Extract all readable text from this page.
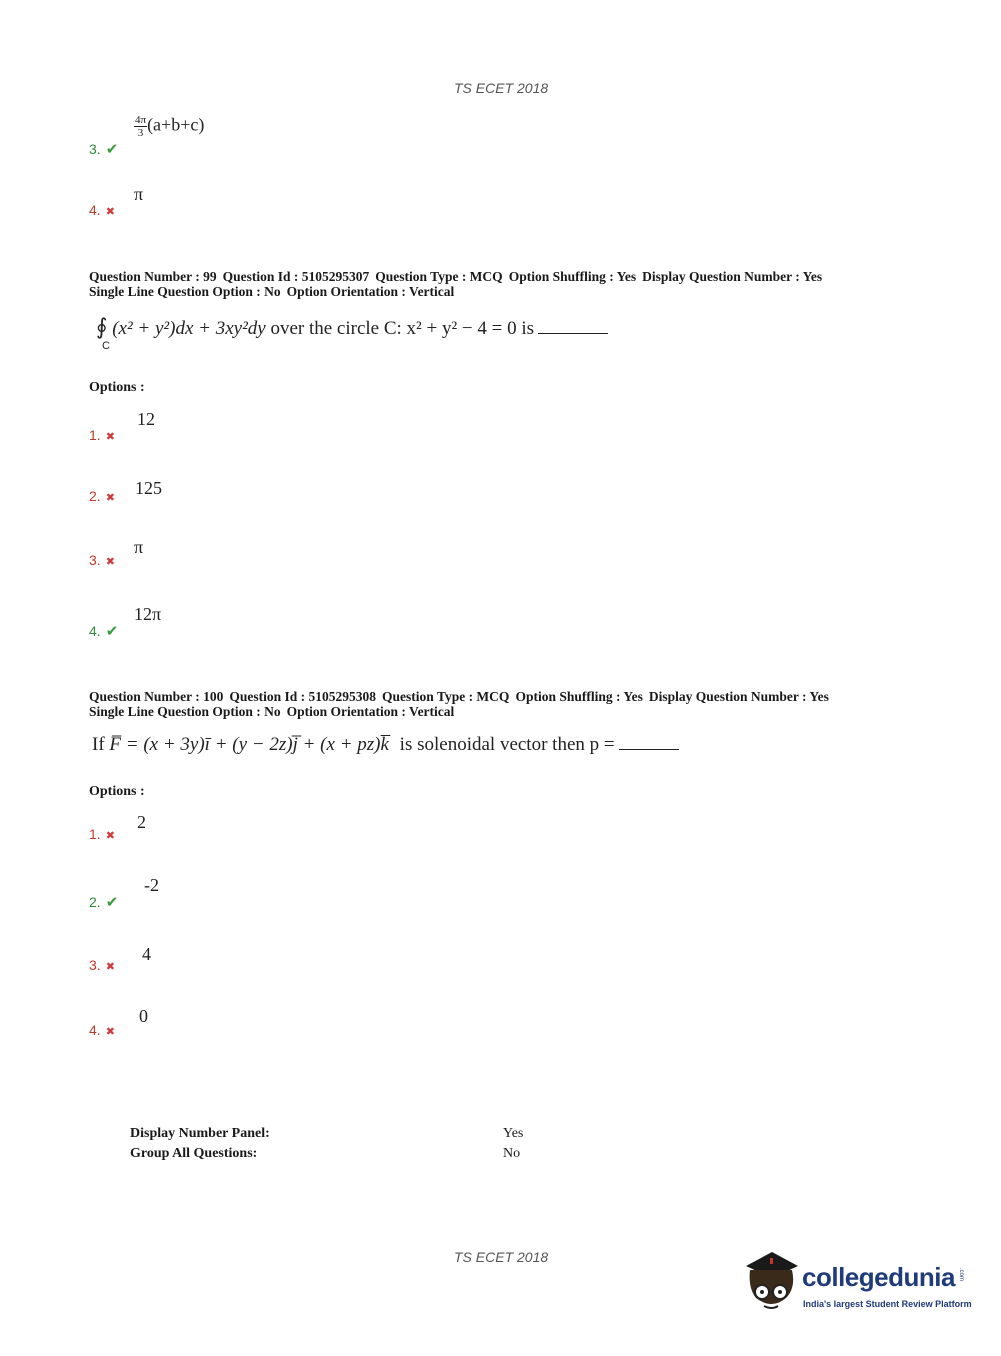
TS ECET 2018
3. ✔
$\frac{4\pi}{3} (a+b+c)$
4. ✖
π
Question Number : 99 Question Id : 5105295307 Question Type : MCQ Option Shuffling : Yes Display Question Number : Yes
Single Line Question Option : No Option Orientation : Vertical
∮
C
(x² + y²)dx + 3xy²dy over the circle C: x² + y² − 4 = 0 is
Options :
1. ✖
12
2. ✖ 125
3. ✖
π
4. ✔
12π
Question Number : 100 Question Id : 5105295308 Question Type : MCQ Option Shuffling : Yes Display Question Number : Yes
Single Line Question Option : No Option Orientation : Vertical
If F̅ = (x + 3y)ī + (y − 2z)j̅ + (x + pz)k̅ is solenoidal vector then p =
Options :
1. ✖
2
2. ✔
-2
3. ✖
4
4. ✖
0
Display Number Panel:	Yes
Group All Questions:	No
TS ECET 2018
collegedunia .com
India's largest Student Review Platform
